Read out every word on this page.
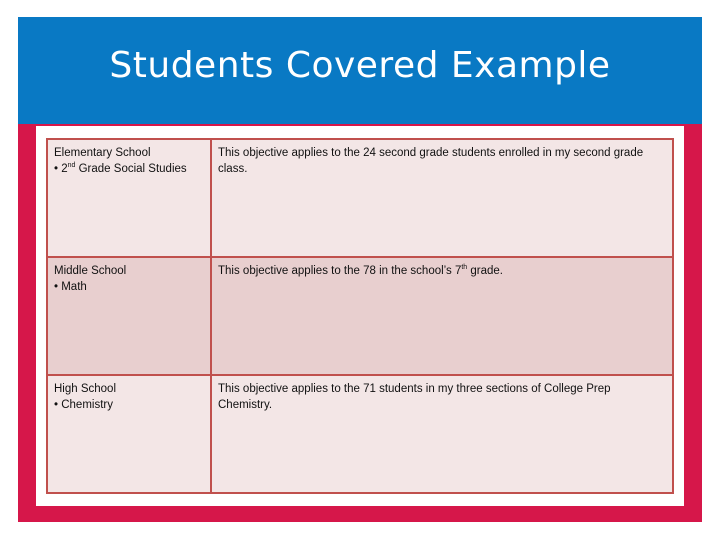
Students Covered Example
Elementary School
• 2nd Grade Social Studies	This objective applies to the 24 second grade students enrolled in my second grade class.

Middle School
• Math	This objective applies to the 78 in the school’s 7th grade.

High School
• Chemistry	This objective applies to the 71 students in my three sections of College Prep Chemistry.
